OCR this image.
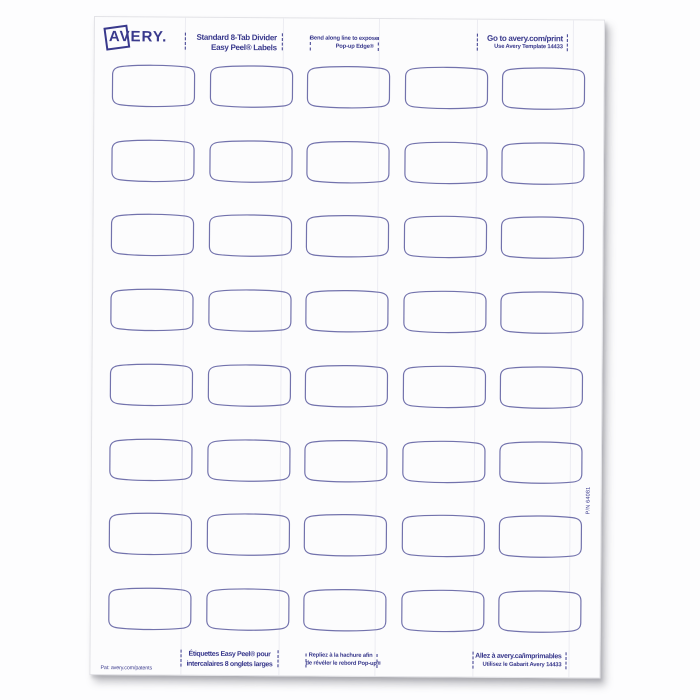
AVERY.	Standard 8-Tab Divider
Easy Peel® Labels
Bend along line to expose
Pop-up Edge®
Go to avery.com/print
Use Avery Template 14433
Étiquettes Easy Peel® pour
intercalaires 8 onglets larges
Repliez à la hachure afin
de révéler le rebord Pop-up®
Allez à avery.ca/imprimables
Utilisez le Gabarit Avery 14433
Pat: avery.com/patents
P/N 64081
